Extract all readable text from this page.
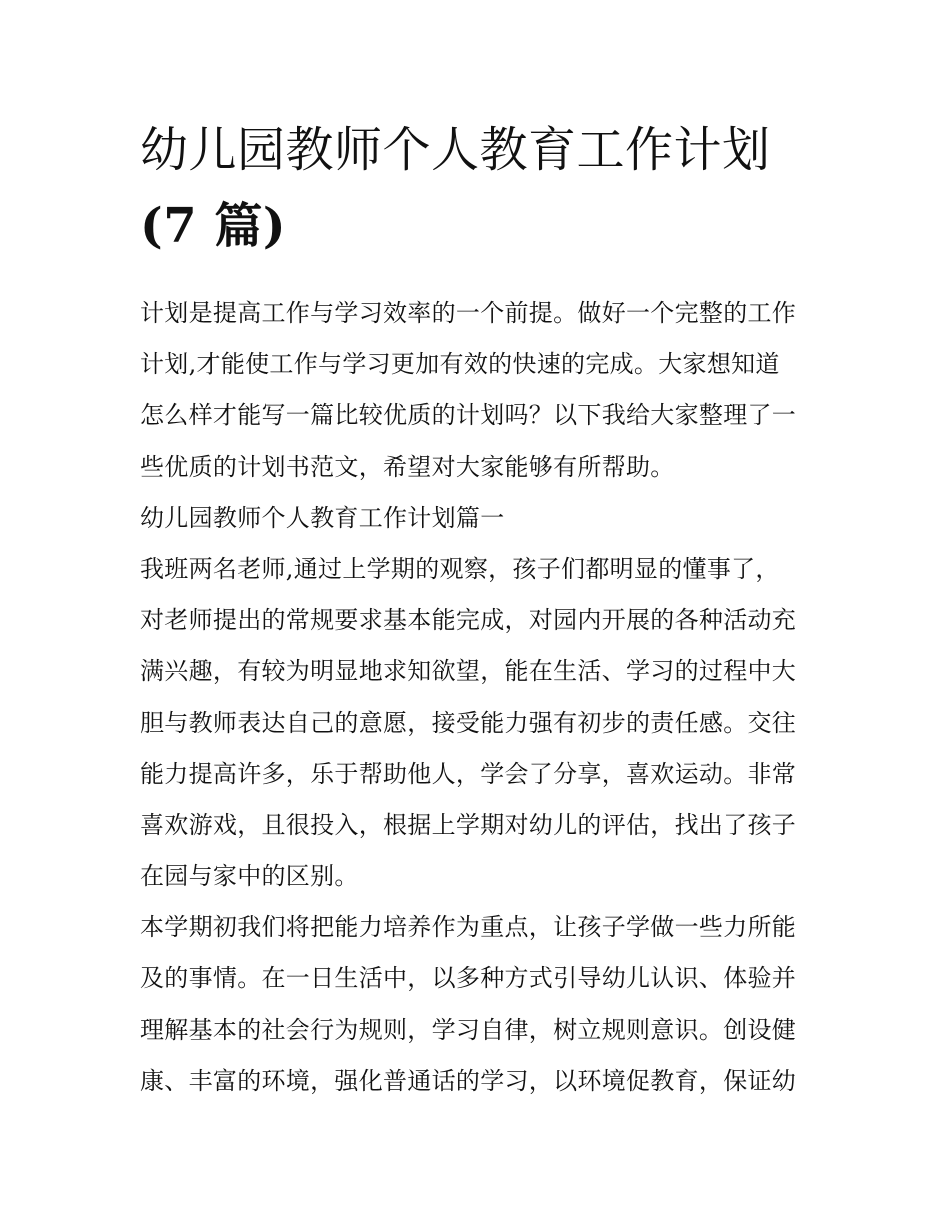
幼儿园教师个人教育工作计划
(7 篇)
计划是提高工作与学习效率的一个前提。做好一个完整的工作
计划,才能使工作与学习更加有效的快速的完成。大家想知道
怎么样才能写一篇比较优质的计划吗？以下我给大家整理了一
些优质的计划书范文，希望对大家能够有所帮助。
幼儿园教师个人教育工作计划篇一
我班两名老师,通过上学期的观察，孩子们都明显的懂事了，
对老师提出的常规要求基本能完成，对园内开展的各种活动充
满兴趣，有较为明显地求知欲望，能在生活、学习的过程中大
胆与教师表达自己的意愿，接受能力强有初步的责任感。交往
能力提高许多，乐于帮助他人，学会了分享，喜欢运动。非常
喜欢游戏，且很投入，根据上学期对幼儿的评估，找出了孩子
在园与家中的区别。
本学期初我们将把能力培养作为重点，让孩子学做一些力所能
及的事情。在一日生活中，以多种方式引导幼儿认识、体验并
理解基本的社会行为规则，学习自律，树立规则意识。创设健
康、丰富的环境，强化普通话的学习，以环境促教育，保证幼
